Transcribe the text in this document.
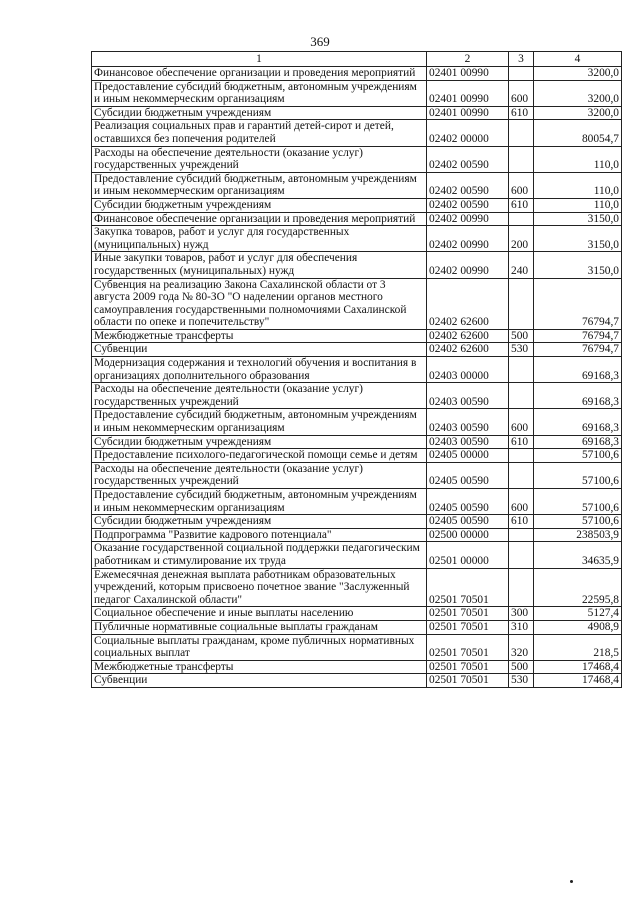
369
1	2	3	4
Финансовое обеспечение организации и проведения мероприятий	02401 00990		3200,0
Предоставление субсидий бюджетным, автономным учреждениям и иным некоммерческим организациям	02401 00990	600	3200,0
Субсидии бюджетным учреждениям	02401 00990	610	3200,0
Реализация социальных прав и гарантий детей-сирот и детей, оставшихся без попечения родителей	02402 00000		80054,7
Расходы на обеспечение деятельности (оказание услуг) государственных учреждений	02402 00590		110,0
Предоставление субсидий бюджетным, автономным учреждениям и иным некоммерческим организациям	02402 00590	600	110,0
Субсидии бюджетным учреждениям	02402 00590	610	110,0
Финансовое обеспечение организации и проведения мероприятий	02402 00990		3150,0
Закупка товаров, работ и услуг для государственных (муниципальных) нужд	02402 00990	200	3150,0
Иные закупки товаров, работ и услуг для обеспечения государственных (муниципальных) нужд	02402 00990	240	3150,0
Субвенция на реализацию Закона Сахалинской области от 3 августа 2009 года № 80-ЗО "О наделении органов местного самоуправления государственными полномочиями Сахалинской области по опеке и попечительству"	02402 62600		76794,7
Межбюджетные трансферты	02402 62600	500	76794,7
Субвенции	02402 62600	530	76794,7
Модернизация содержания и технологий обучения и воспитания в организациях дополнительного образования	02403 00000		69168,3
Расходы на обеспечение деятельности (оказание услуг) государственных учреждений	02403 00590		69168,3
Предоставление субсидий бюджетным, автономным учреждениям и иным некоммерческим организациям	02403 00590	600	69168,3
Субсидии бюджетным учреждениям	02403 00590	610	69168,3
Предоставление психолого-педагогической помощи семье и детям	02405 00000		57100,6
Расходы на обеспечение деятельности (оказание услуг) государственных учреждений	02405 00590		57100,6
Предоставление субсидий бюджетным, автономным учреждениям и иным некоммерческим организациям	02405 00590	600	57100,6
Субсидии бюджетным учреждениям	02405 00590	610	57100,6
Подпрограмма "Развитие кадрового потенциала"	02500 00000		238503,9
Оказание государственной социальной поддержки педагогическим работникам и стимулирование их труда	02501 00000		34635,9
Ежемесячная денежная выплата работникам образовательных учреждений, которым присвоено почетное звание "Заслуженный педагог Сахалинской области"	02501 70501		22595,8
Социальное обеспечение и иные выплаты населению	02501 70501	300	5127,4
Публичные нормативные социальные выплаты гражданам	02501 70501	310	4908,9
Социальные выплаты гражданам, кроме публичных нормативных социальных выплат	02501 70501	320	218,5
Межбюджетные трансферты	02501 70501	500	17468,4
Субвенции	02501 70501	530	17468,4
